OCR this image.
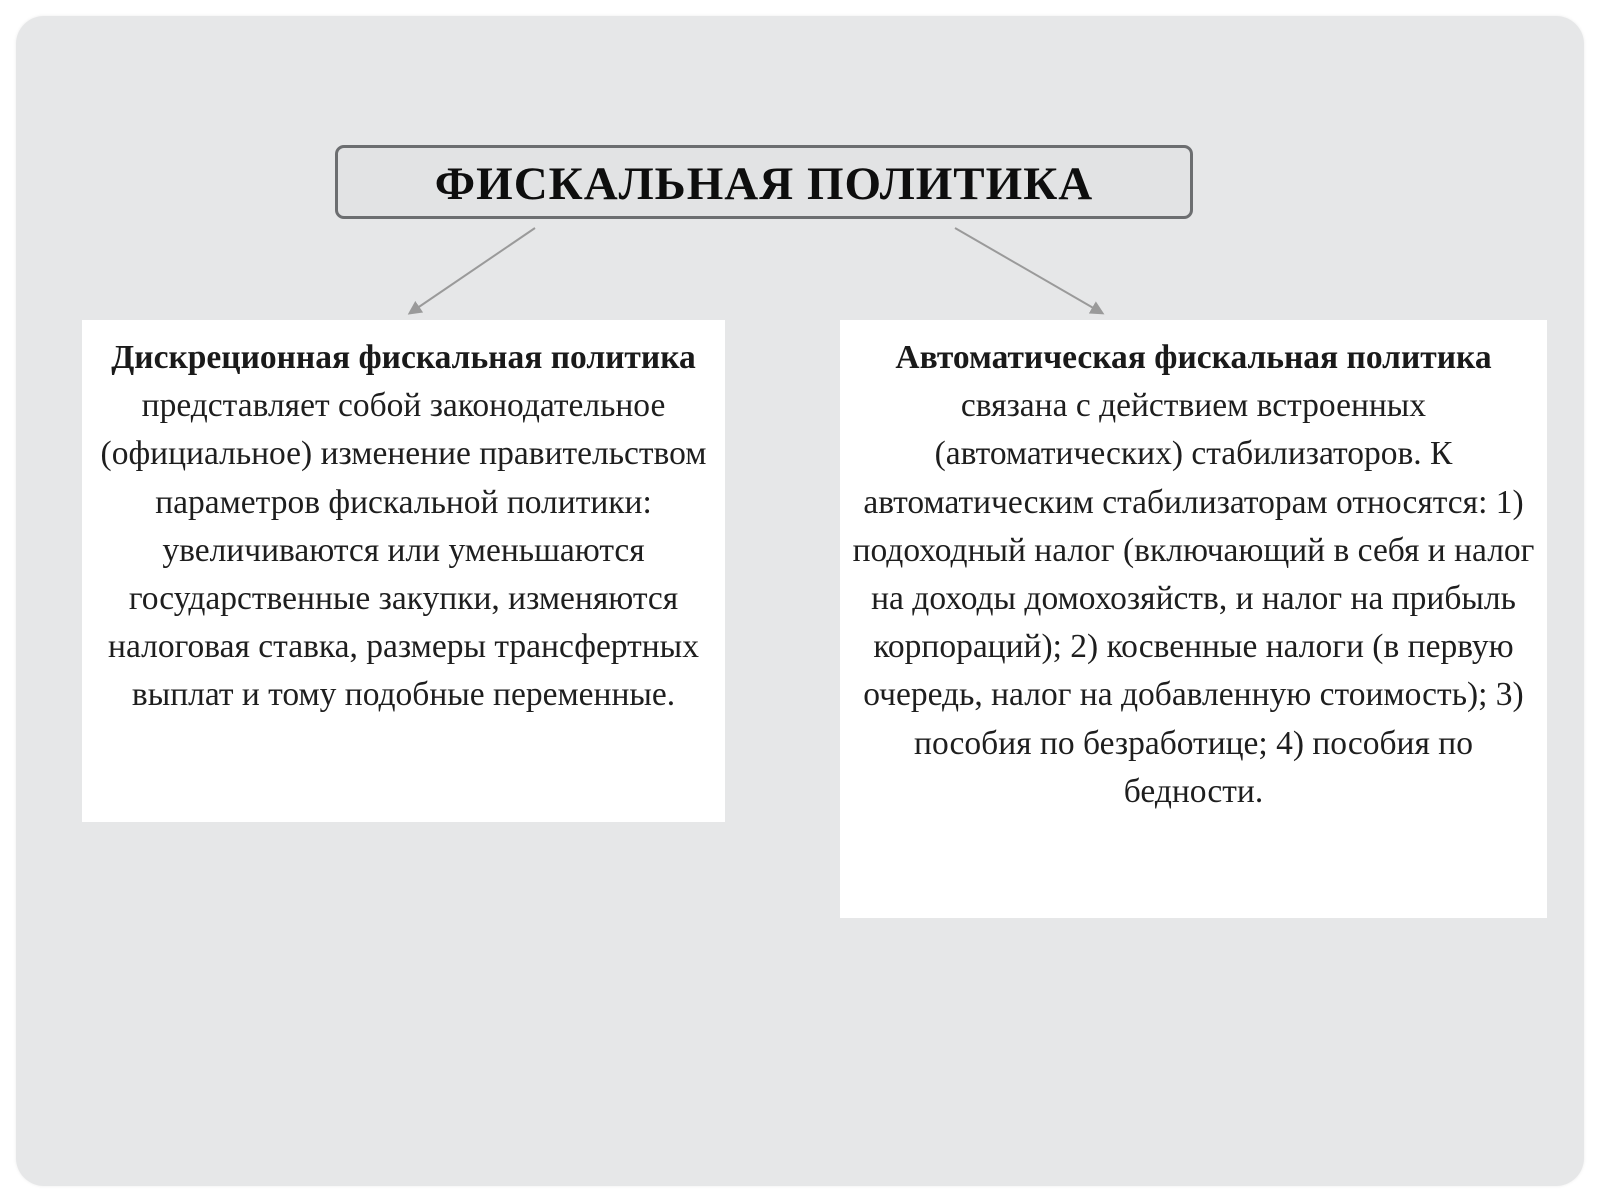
ФИСКАЛЬНАЯ ПОЛИТИКА
Дискреционная фискальная политика представляет собой законодательное (официальное) изменение правительством параметров фискальной политики: увеличиваются или уменьшаются государственные закупки, изменяются налоговая ставка, размеры трансфертных выплат и тому подобные переменные.
Автоматическая фискальная политика связана с действием встроенных (автоматических) стабилизаторов. К автоматическим стабилизаторам относятся: 1) подоходный налог (включающий в себя и налог на доходы домохозяйств, и налог на прибыль корпораций); 2) косвенные налоги (в первую очередь, налог на добавленную стоимость); 3) пособия по безработице; 4) пособия по бедности.
